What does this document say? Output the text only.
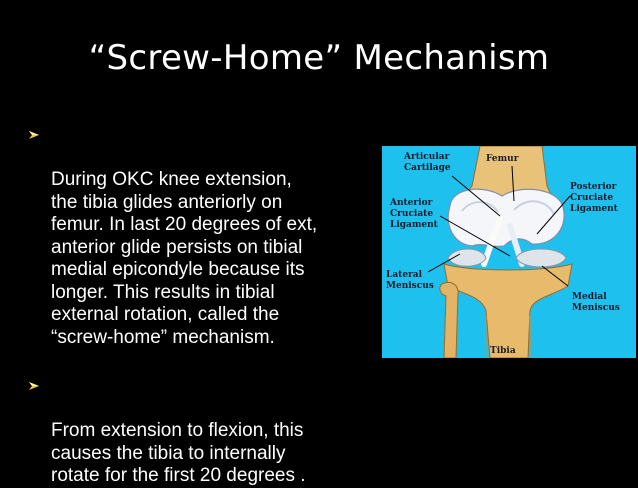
“Screw-Home” Mechanism

During OKC knee extension,
the tibia glides anteriorly on
femur. In last 20 degrees of ext,
anterior glide persists on tibial
medial epicondyle because its
longer. This results in tibial
external rotation, called the
“screw-home” mechanism.

From extension to flexion, this
causes the tibia to internally
rotate for the first 20 degrees .

Articular
Cartilage
Femur
Posterior
Cruciate
Ligament
Anterior
Cruciate
Ligament
Lateral
Meniscus
Medial
Meniscus
Tibia
